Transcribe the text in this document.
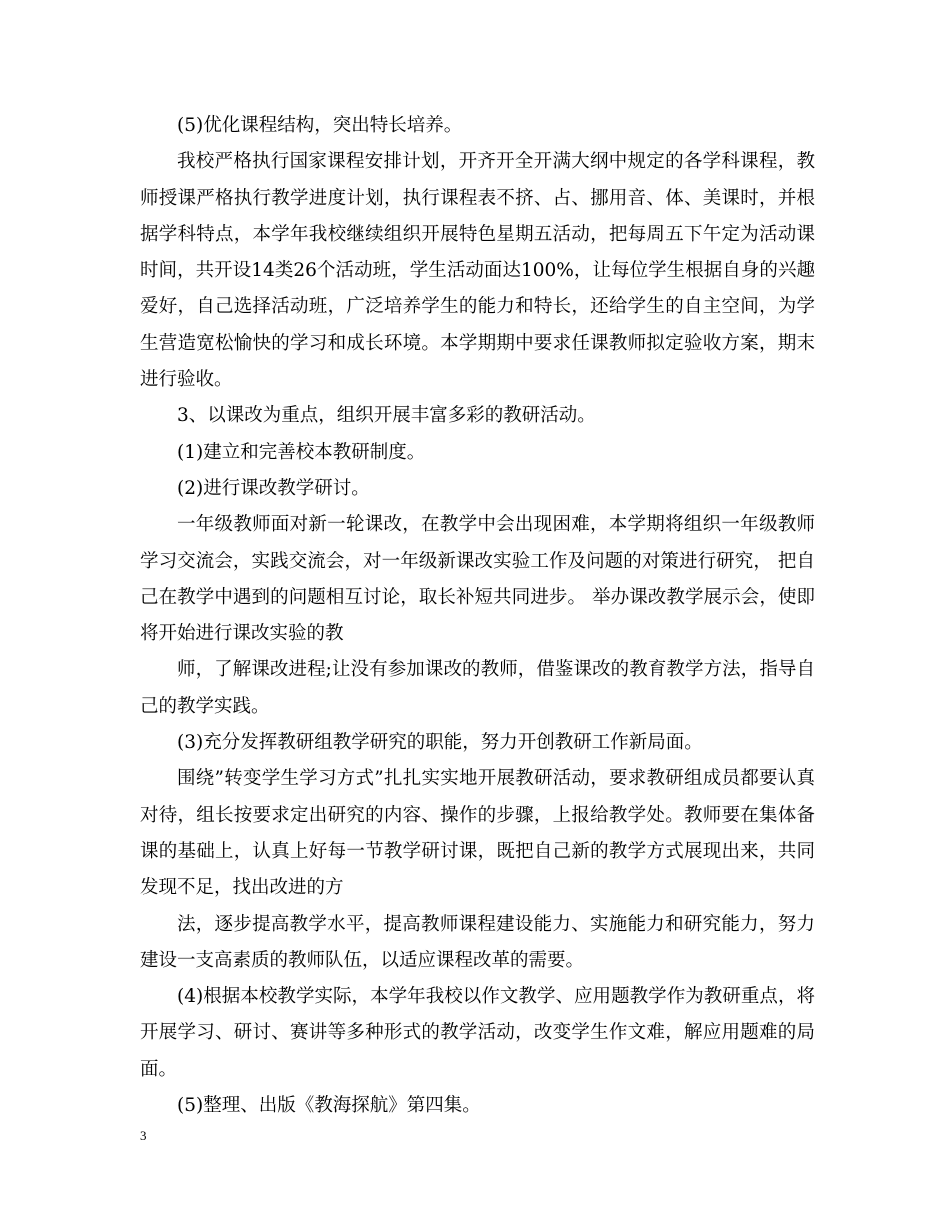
(5)优化课程结构，突出特长培养。

我校严格执行国家课程安排计划，开齐开全开满大纲中规定的各学科课程，教师授课严格执行教学进度计划，执行课程表不挤、占、挪用音、体、美课时，并根据学科特点，本学年我校继续组织开展特色星期五活动，把每周五下午定为活动课时间，共开设14类26个活动班，学生活动面达100%，让每位学生根据自身的兴趣爱好，自己选择活动班，广泛培养学生的能力和特长，还给学生的自主空间，为学生营造宽松愉快的学习和成长环境。本学期期中要求任课教师拟定验收方案，期末进行验收。

3、以课改为重点，组织开展丰富多彩的教研活动。

(1)建立和完善校本教研制度。

(2)进行课改教学研讨。

一年级教师面对新一轮课改，在教学中会出现困难，本学期将组织一年级教师学习交流会，实践交流会，对一年级新课改实验工作及问题的对策进行研究， 把自己在教学中遇到的问题相互讨论，取长补短共同进步。 举办课改教学展示会，使即将开始进行课改实验的教

师，了解课改进程;让没有参加课改的教师，借鉴课改的教育教学方法，指导自己的教学实践。

(3)充分发挥教研组教学研究的职能，努力开创教研工作新局面。

围绕”转变学生学习方式”扎扎实实地开展教研活动，要求教研组成员都要认真对待，组长按要求定出研究的内容、操作的步骤，上报给教学处。教师要在集体备课的基础上，认真上好每一节教学研讨课，既把自己新的教学方式展现出来，共同发现不足，找出改进的方

法，逐步提高教学水平，提高教师课程建设能力、实施能力和研究能力，努力建设一支高素质的教师队伍，以适应课程改革的需要。

(4)根据本校教学实际，本学年我校以作文教学、应用题教学作为教研重点，将开展学习、研讨、赛讲等多种形式的教学活动，改变学生作文难，解应用题难的局面。

(5)整理、出版《教海探航》第四集。

3
